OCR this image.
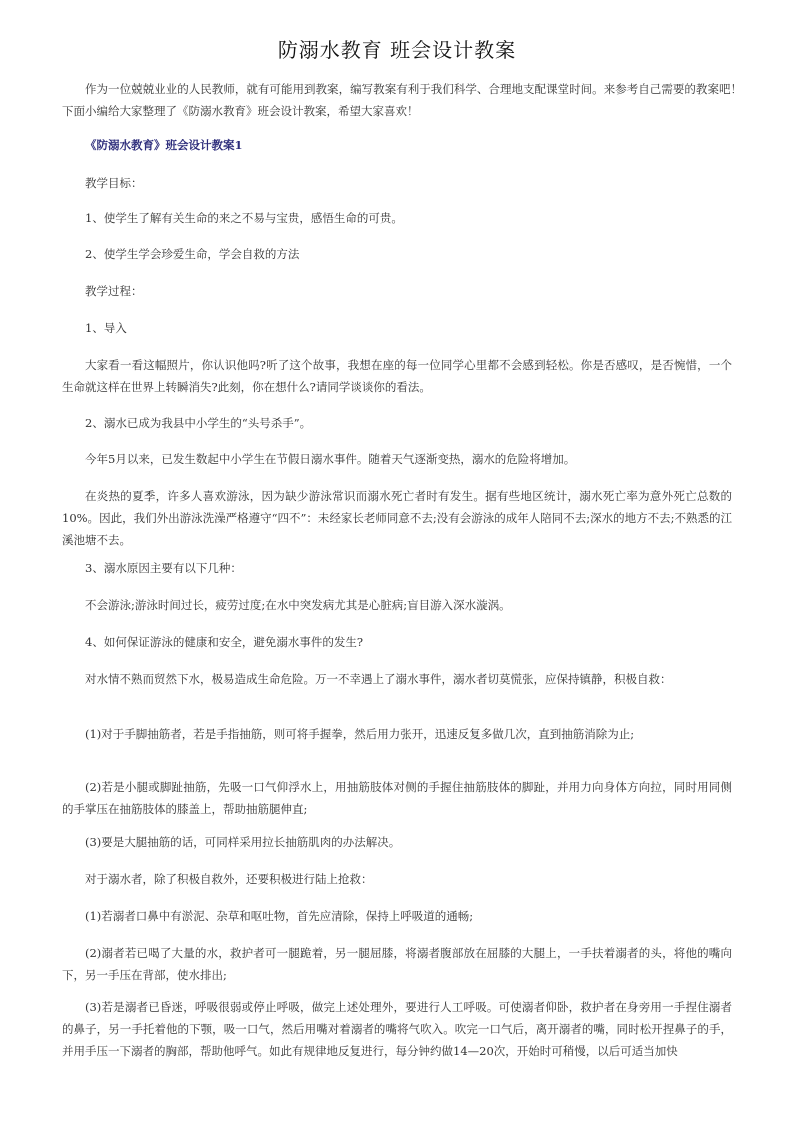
防溺水教育 班会设计教案

作为一位兢兢业业的人民教师，就有可能用到教案，编写教案有利于我们科学、合理地支配课堂时间。来参考自己需要的教案吧！下面小编给大家整理了《防溺水教育》班会设计教案，希望大家喜欢！

《防溺水教育》班会设计教案1

教学目标：

1、使学生了解有关生命的来之不易与宝贵，感悟生命的可贵。

2、使学生学会珍爱生命，学会自救的方法

教学过程：

1、导入

大家看一看这幅照片，你认识他吗?听了这个故事，我想在座的每一位同学心里都不会感到轻松。你是否感叹，是否惋惜，一个生命就这样在世界上转瞬消失?此刻，你在想什么?请同学谈谈你的看法。

2、溺水已成为我县中小学生的“头号杀手”。

今年5月以来，已发生数起中小学生在节假日溺水事件。随着天气逐渐变热，溺水的危险将增加。

在炎热的夏季，许多人喜欢游泳，因为缺少游泳常识而溺水死亡者时有发生。据有些地区统计，溺水死亡率为意外死亡总数的10%。因此，我们外出游泳洗澡严格遵守“四不”：未经家长老师同意不去;没有会游泳的成年人陪同不去;深水的地方不去;不熟悉的江溪池塘不去。

3、溺水原因主要有以下几种：

不会游泳;游泳时间过长，疲劳过度;在水中突发病尤其是心脏病;盲目游入深水漩涡。

4、如何保证游泳的健康和安全，避免溺水事件的发生?

对水情不熟而贸然下水，极易造成生命危险。万一不幸遇上了溺水事件，溺水者切莫慌张，应保持镇静，积极自救：

(1)对于手脚抽筋者，若是手指抽筋，则可将手握拳，然后用力张开，迅速反复多做几次，直到抽筋消除为止;

(2)若是小腿或脚趾抽筋，先吸一口气仰浮水上，用抽筋肢体对侧的手握住抽筋肢体的脚趾，并用力向身体方向拉，同时用同侧的手掌压在抽筋肢体的膝盖上，帮助抽筋腿伸直;

(3)要是大腿抽筋的话，可同样采用拉长抽筋肌肉的办法解决。

对于溺水者，除了积极自救外，还要积极进行陆上抢救：

(1)若溺者口鼻中有淤泥、杂草和呕吐物，首先应清除，保持上呼吸道的通畅;

(2)溺者若已喝了大量的水，救护者可一腿跪着，另一腿屈膝，将溺者腹部放在屈膝的大腿上，一手扶着溺者的头，将他的嘴向下，另一手压在背部，使水排出;

(3)若是溺者已昏迷，呼吸很弱或停止呼吸，做完上述处理外，要进行人工呼吸。可使溺者仰卧，救护者在身旁用一手捏住溺者的鼻子，另一手托着他的下颚，吸一口气，然后用嘴对着溺者的嘴将气吹入。吹完一口气后，离开溺者的嘴，同时松开捏鼻子的手，并用手压一下溺者的胸部，帮助他呼气。如此有规律地反复进行，每分钟约做14—20次，开始时可稍慢，以后可适当加快
